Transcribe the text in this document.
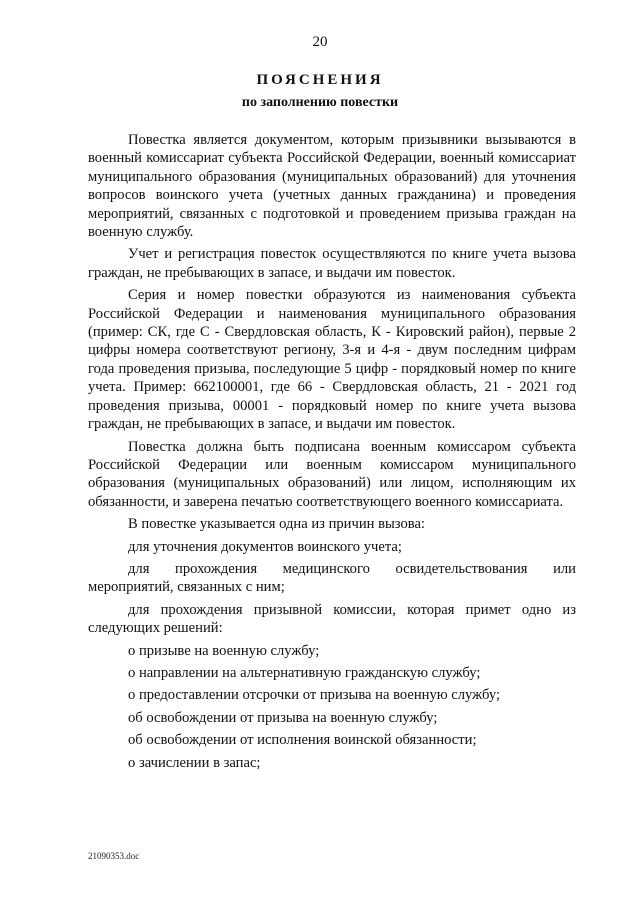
20
ПОЯСНЕНИЯ
по заполнению повестки

Повестка является документом, которым призывники вызываются в военный комиссариат субъекта Российской Федерации, военный комиссариат муниципального образования (муниципальных образований) для уточнения вопросов воинского учета (учетных данных гражданина) и проведения мероприятий, связанных с подготовкой и проведением призыва граждан на военную службу.

Учет и регистрация повесток осуществляются по книге учета вызова граждан, не пребывающих в запасе, и выдачи им повесток.

Серия и номер повестки образуются из наименования субъекта Российской Федерации и наименования муниципального образования (пример: СК, где С - Свердловская область, К - Кировский район), первые 2 цифры номера соответствуют региону, 3-я и 4-я - двум последним цифрам года проведения призыва, последующие 5 цифр - порядковый номер по книге учета. Пример: 662100001, где 66 - Свердловская область, 21 - 2021 год проведения призыва, 00001 - порядковый номер по книге учета вызова граждан, не пребывающих в запасе, и выдачи им повесток.

Повестка должна быть подписана военным комиссаром субъекта Российской Федерации или военным комиссаром муниципального образования (муниципальных образований) или лицом, исполняющим их обязанности, и заверена печатью соответствующего военного комиссариата.

В повестке указывается одна из причин вызова:

для уточнения документов воинского учета;

для прохождения медицинского освидетельствования или мероприятий, связанных с ним;

для прохождения призывной комиссии, которая примет одно из следующих решений:

о призыве на военную службу;

о направлении на альтернативную гражданскую службу;

о предоставлении отсрочки от призыва на военную службу;

об освобождении от призыва на военную службу;

об освобождении от исполнения воинской обязанности;

о зачислении в запас;

21090353.doc
